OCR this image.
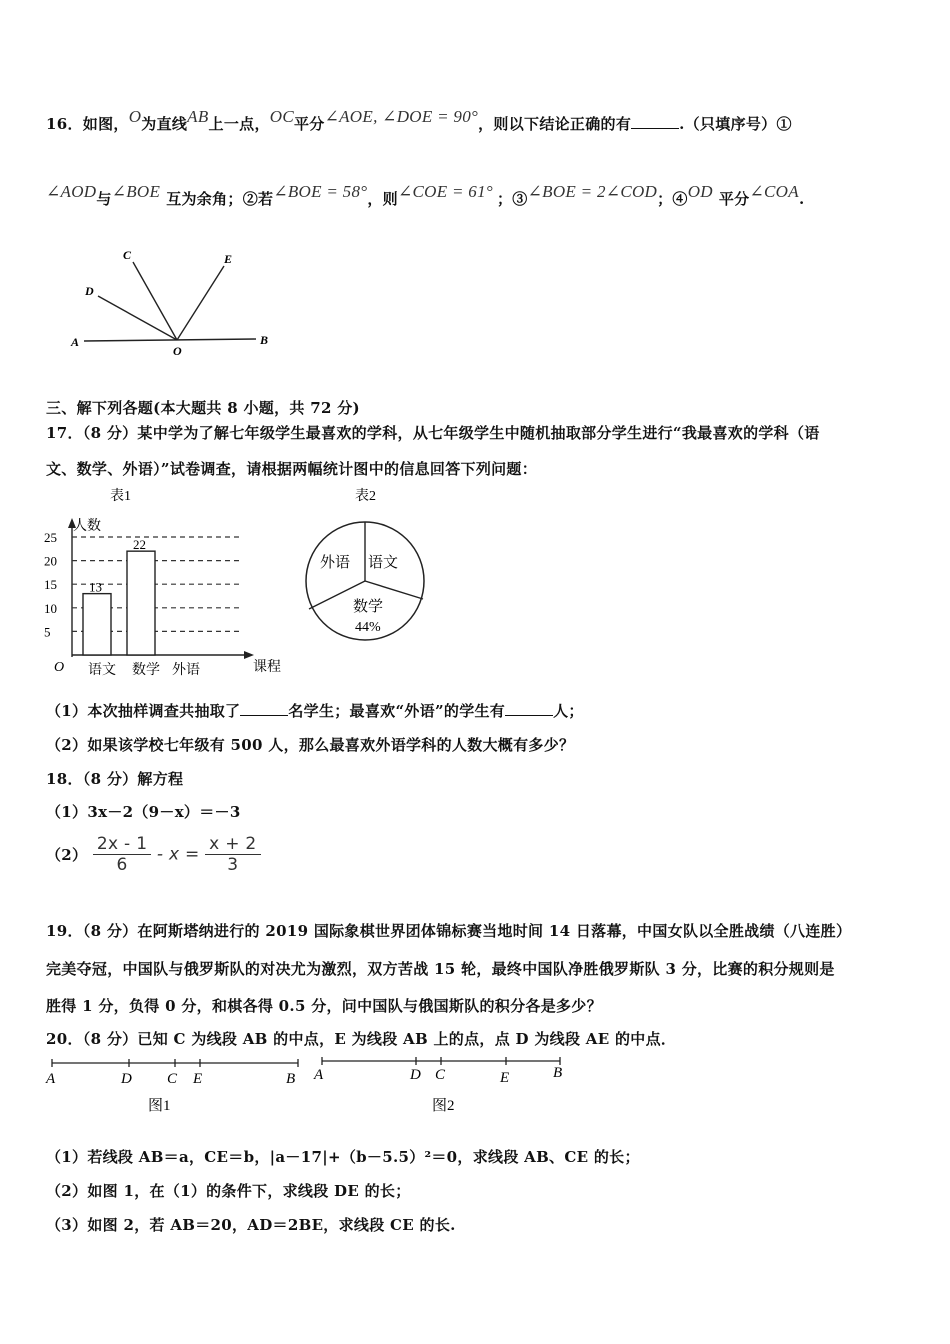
16．如图，O为直线AB上一点，OC平分∠AOE, ∠DOE = 90°，则以下结论正确的有	.（只填序号）①
∠AOD与∠BOE 互为余角；②若∠BOE = 58°，则∠COE = 61° ；③∠BOE = 2∠COD；④OD 平分∠COA.
A
O
B
C
D
E
三、解下列各题(本大题共 8 小题，共 72 分)
17．（8 分）某中学为了解七年级学生最喜欢的学科，从七年级学生中随机抽取部分学生进行“我最喜欢的学科（语
文、数学、外语）”试卷调查，请根据两幅统计图中的信息回答下列问题：
表1
人数
课程
O
5
10
15
20
25
13
22
语文 数学 外语
表2
外语 语文
数学
44%
（1）本次抽样调查共抽取了	名学生；最喜欢“外语”的学生有	人；
（2）如果该学校七年级有 500 人，那么最喜欢外语学科的人数大概有多少？
18．（8 分）解方程
（1）3x－2（9－x）＝－3
$(2) \frac{2x - 1}{6} - x = \frac{x + 2}{3}$
19．（8 分）在阿斯塔纳进行的 2019 国际象棋世界团体锦标赛当地时间 14 日落幕，中国女队以全胜战绩（八连胜）
完美夺冠，中国队与俄罗斯队的对决尤为激烈，双方苦战 15 轮，最终中国队净胜俄罗斯队 3 分，比赛的积分规则是
胜得 1 分，负得 0 分，和棋各得 0.5 分，问中国队与俄国斯队的积分各是多少？
20．（8 分）已知 C 为线段 AB 的中点，E 为线段 AB 上的点，点 D 为线段 AE 的中点．
A	D C E	B
图1
A	D C	E	B
图2
（1）若线段 AB＝a，CE＝b，|a－17|+（b－5.5）²＝0，求线段 AB、CE 的长；
（2）如图 1，在（1）的条件下，求线段 DE 的长；
（3）如图 2，若 AB＝20，AD＝2BE，求线段 CE 的长.
